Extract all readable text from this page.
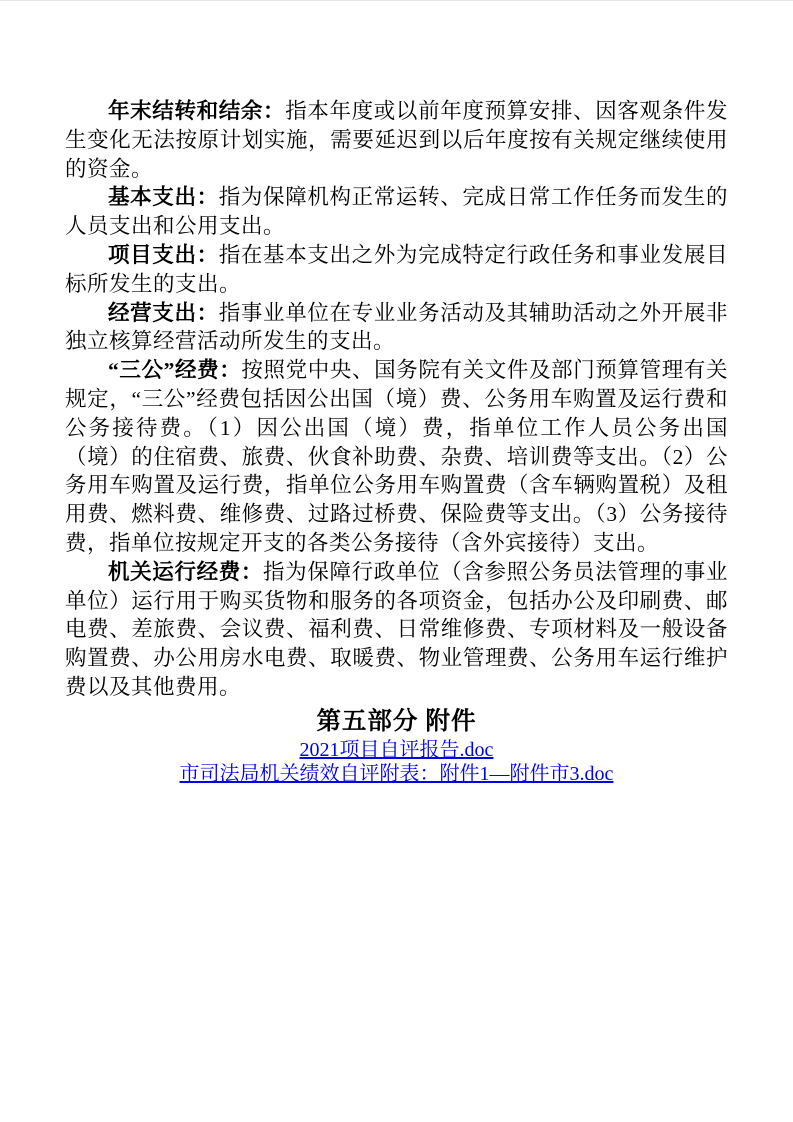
年末结转和结余：指本年度或以前年度预算安排、因客观条件发生变化无法按原计划实施，需要延迟到以后年度按有关规定继续使用的资金。

基本支出：指为保障机构正常运转、完成日常工作任务而发生的人员支出和公用支出。

项目支出：指在基本支出之外为完成特定行政任务和事业发展目标所发生的支出。

经营支出：指事业单位在专业业务活动及其辅助活动之外开展非独立核算经营活动所发生的支出。

“三公”经费：按照党中央、国务院有关文件及部门预算管理有关规定，“三公”经费包括因公出国（境）费、公务用车购置及运行费和公务接待费。（1）因公出国（境）费，指单位工作人员公务出国（境）的住宿费、旅费、伙食补助费、杂费、培训费等支出。（2）公务用车购置及运行费，指单位公务用车购置费（含车辆购置税）及租用费、燃料费、维修费、过路过桥费、保险费等支出。（3）公务接待费，指单位按规定开支的各类公务接待（含外宾接待）支出。

机关运行经费：指为保障行政单位（含参照公务员法管理的事业单位）运行用于购买货物和服务的各项资金，包括办公及印刷费、邮电费、差旅费、会议费、福利费、日常维修费、专项材料及一般设备购置费、办公用房水电费、取暖费、物业管理费、公务用车运行维护费以及其他费用。

第五部分 附件

2021项目自评报告.doc
市司法局机关绩效自评附表：附件1—附件市3.doc
